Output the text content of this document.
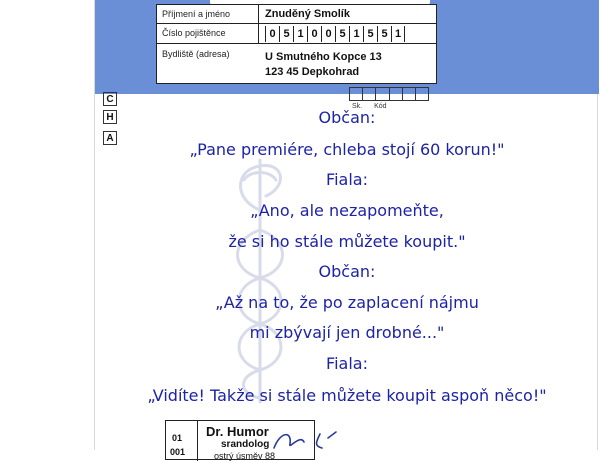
Příjmení a jméno	Znuděný Smolík
Číslo pojištěnce	0 5 1 0 0 5 1 5 5 1
Bydliště (adresa)	U Smutného Kopce 13
123 45 Depkohrad
Sk. Kód
C
H
A
Občan:
„Pane premiére, chleba stojí 60 korun!"
Fiala:
„Ano, ale nezapomeňte,
že si ho stále můžete koupit."
Občan:
„Až na to, že po zaplacení nájmu
mi zbývají jen drobné..."
Fiala:
„Vidíte! Takže si stále můžete koupit aspoň něco!"
01
001
Dr. Humor
srandolog
ostrý úsměv 88
